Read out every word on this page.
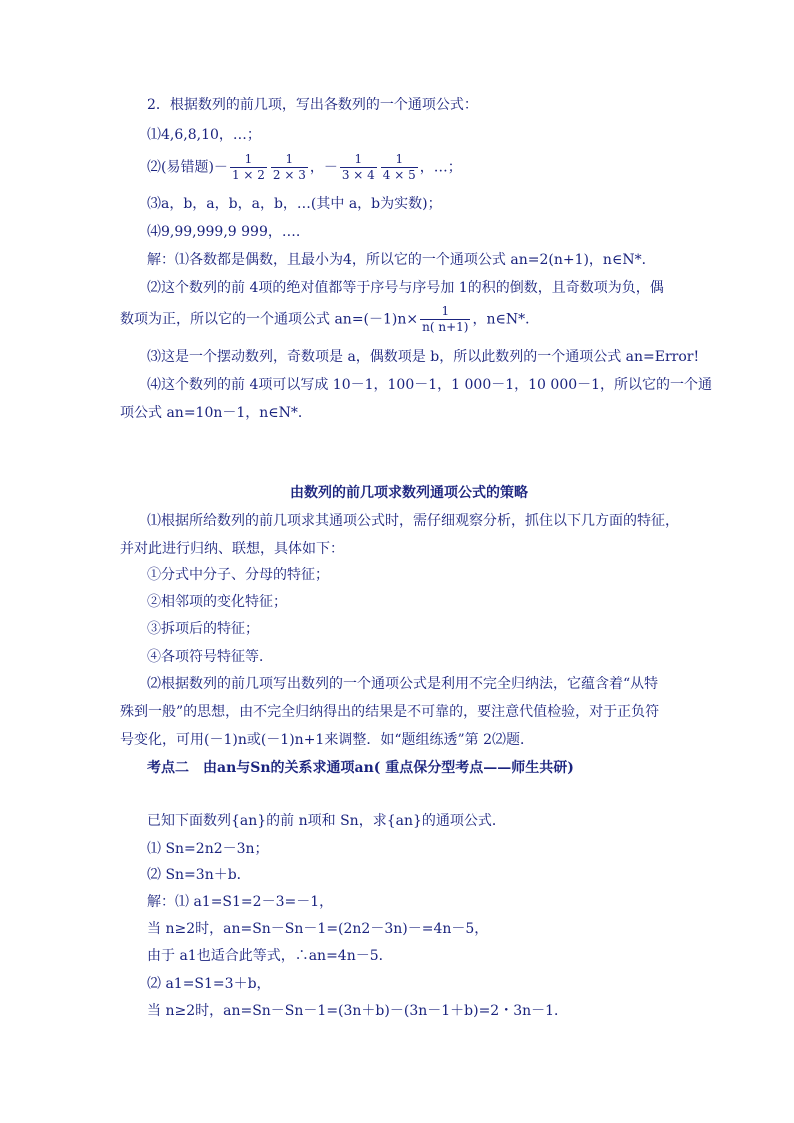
2．根据数列的前几项，写出各数列的一个通项公式：
⑴4,6,8,10，…；
⑵(易错题)－ $\frac{1}{1 \times 2} \frac{1}{2 \times 3}$ ，－ $\frac{1}{3 \times 4} \frac{1}{4 \times 5}$ ，…；
⑶a，b，a，b，a，b，…(其中 a，b为实数)；
⑷9,99,999,9 999，….
解：⑴各数都是偶数，且最小为4，所以它的一个通项公式 an=2(n+1)，n∈N*．
⑵这个数列的前 4项的绝对值都等于序号与序号加 1的积的倒数，且奇数项为负，偶
数项为正，所以它的一个通项公式 $an=(-1)n\times \frac{1}{n( n+1)}$ ，n∈N*．
⑶这是一个摆动数列，奇数项是 a，偶数项是 b，所以此数列的一个通项公式 an=Error!
⑷这个数列的前 4项可以写成 10－1，100－1，1 000－1，10 000－1，所以它的一个通
项公式 an=10n－1，n∈N*．
由数列的前几项求数列通项公式的策略
⑴根据所给数列的前几项求其通项公式时，需仔细观察分析，抓住以下几方面的特征，
并对此进行归纳、联想，具体如下：
①分式中分子、分母的特征；
②相邻项的变化特征；
③拆项后的特征；
④各项符号特征等．
⑵根据数列的前几项写出数列的一个通项公式是利用不完全归纳法，它蕴含着“从特
殊到一般”的思想，由不完全归纳得出的结果是不可靠的，要注意代值检验，对于正负符
号变化，可用(－1)n或(－1)n+1来调整．如“题组练透”第 2⑵题．
考点二　由an与Sn的关系求通项an( 重点保分型考点——师生共研)
已知下面数列{an}的前 n项和 Sn，求{an}的通项公式．
⑴ Sn=2n2－3n；
⑵ Sn=3n＋b．
解：⑴ a1=S1=2－3=－1，
当 n≥2时，an=Sn－Sn－1=(2n2－3n)－=4n－5，
由于 a1也适合此等式，∴an=4n－5．
⑵ a1=S1=3＋b，
当 n≥2时，an=Sn－Sn－1=(3n＋b)－(3n－1＋b)=2・3n－1．
